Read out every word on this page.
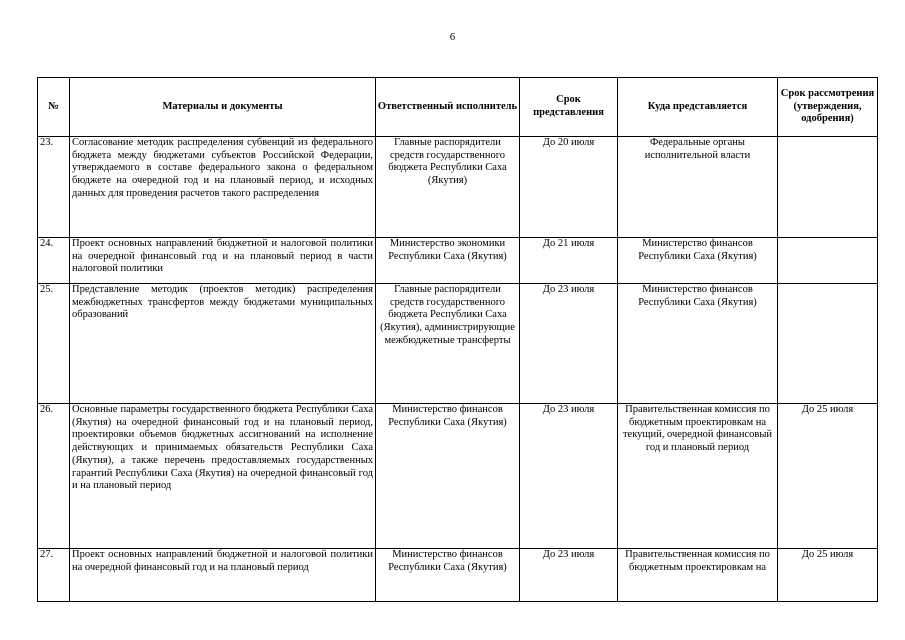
6
№	Материалы и документы	Ответственный исполнитель	Срок представления	Куда представляется	Срок рассмотрения (утверждения, одобрения)
23.	Согласование методик распределения субвенций из федерального бюджета между бюджетами субъектов Российской Федерации, утверждаемого в составе федерального закона о федеральном бюджете на очередной год и на плановый период, и исходных данных для проведения расчетов такого распределения	Главные распорядители средств государственного бюджета Республики Саха (Якутия)	До 20 июля	Федеральные органы исполнительной власти	
24.	Проект основных направлений бюджетной и налоговой политики на очередной финансовый год и на плановый период в части налоговой политики	Министерство экономики Республики Саха (Якутия)	До 21 июля	Министерство финансов Республики Саха (Якутия)	
25.	Представление методик (проектов методик) распределения межбюджетных трансфертов между бюджетами муниципальных образований	Главные распорядители средств государственного бюджета Республики Саха (Якутия), администрирующие межбюджетные трансферты	До 23 июля	Министерство финансов Республики Саха (Якутия)	
26.	Основные параметры государственного бюджета Республики Саха (Якутия) на очередной финансовый год и на плановый период, проектировки объемов бюджетных ассигнований на исполнение действующих и принимаемых обязательств Республики Саха (Якутия), а также перечень предоставляемых государственных гарантий Республики Саха (Якутия) на очередной финансовый год и на плановый период	Министерство финансов Республики Саха (Якутия)	До 23 июля	Правительственная комиссия по бюджетным проектировкам на текущий, очередной финансовый год и плановый период	До 25 июля
27.	Проект основных направлений бюджетной и налоговой политики на очередной финансовый год и на плановый период	Министерство финансов Республики Саха (Якутия)	До 23 июля	Правительственная комиссия по бюджетным проектировкам на	До 25 июля
